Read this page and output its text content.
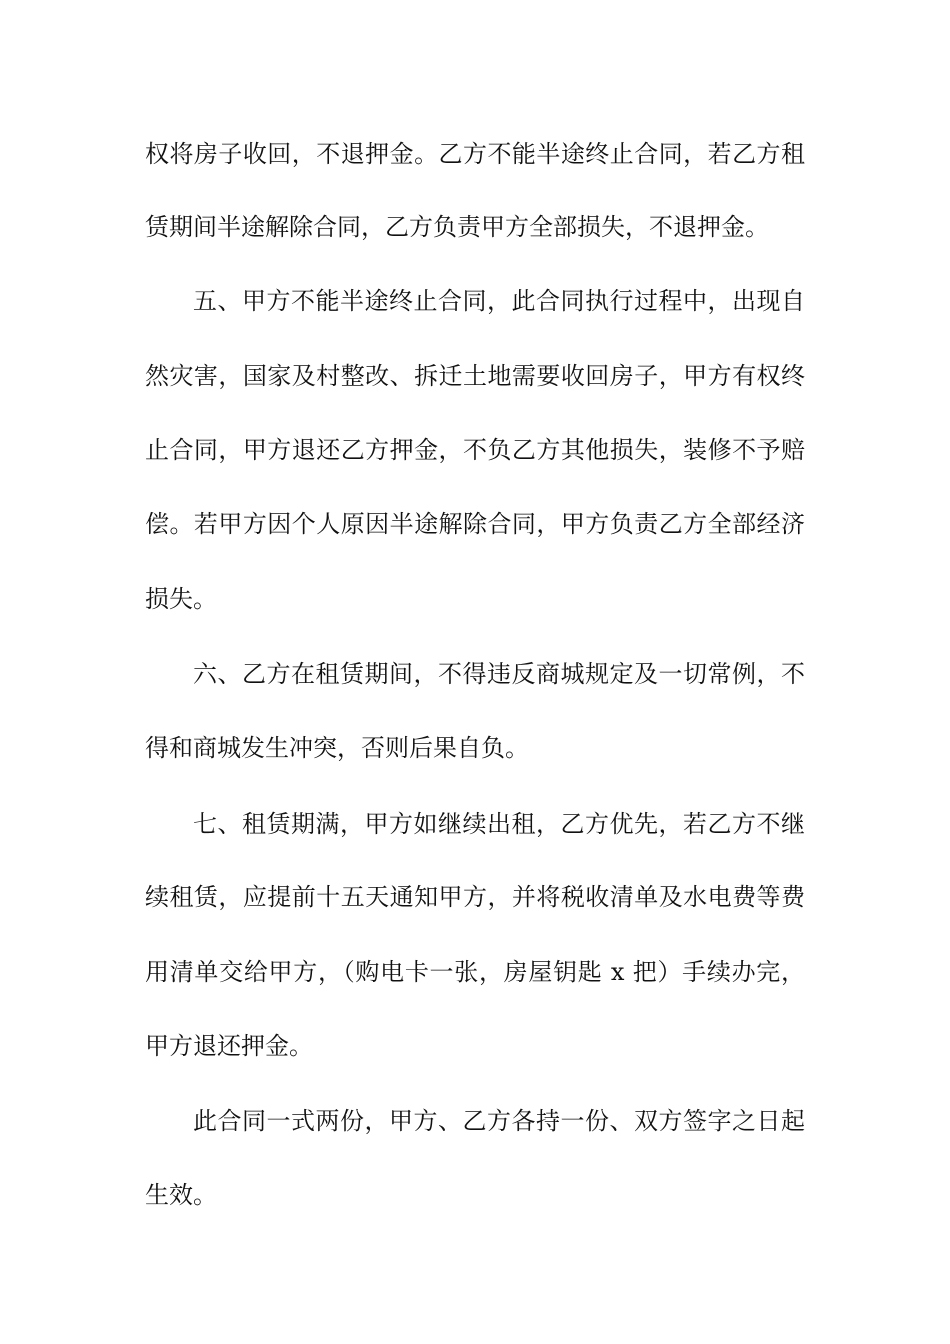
权将房子收回，不退押金。乙方不能半途终止合同，若乙方租
赁期间半途解除合同，乙方负责甲方全部损失，不退押金。
五、甲方不能半途终止合同，此合同执行过程中，出现自
然灾害，国家及村整改、拆迁土地需要收回房子，甲方有权终
止合同，甲方退还乙方押金，不负乙方其他损失，装修不予赔
偿。若甲方因个人原因半途解除合同，甲方负责乙方全部经济
损失。
六、乙方在租赁期间，不得违反商城规定及一切常例，不
得和商城发生冲突，否则后果自负。
七、租赁期满，甲方如继续出租，乙方优先，若乙方不继
续租赁，应提前十五天通知甲方，并将税收清单及水电费等费
用清单交给甲方，（购电卡一张，房屋钥匙 x 把）手续办完，
甲方退还押金。
此合同一式两份，甲方、乙方各持一份、双方签字之日起
生效。
